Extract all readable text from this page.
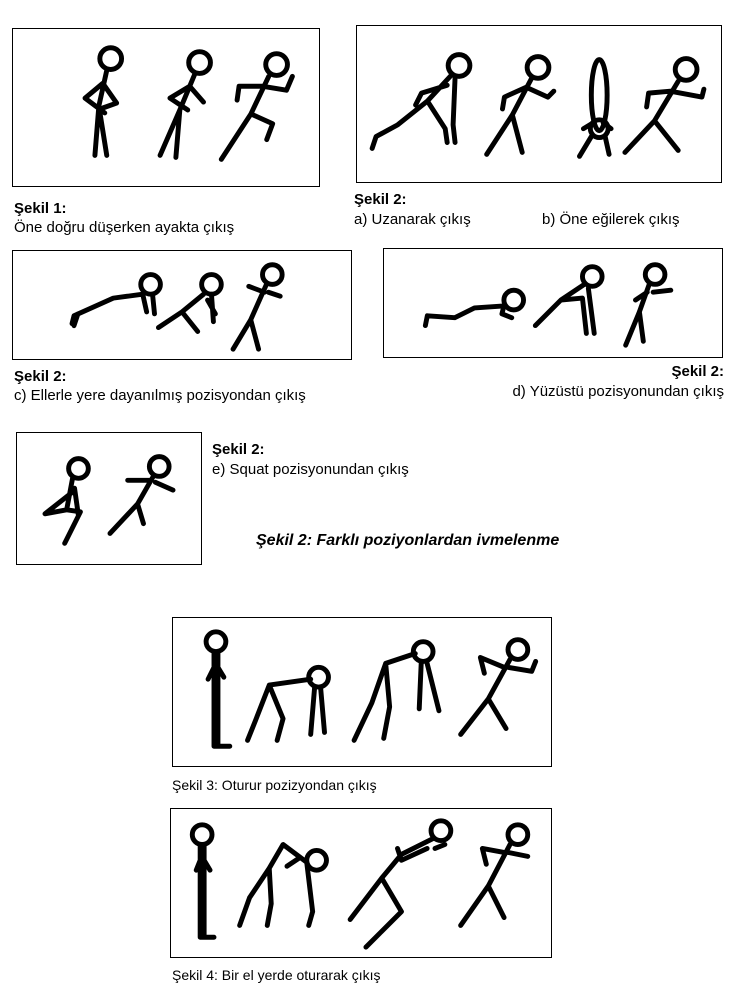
Şekil 1:
Öne doğru düşerken ayakta çıkış
Şekil 2:
a) Uzanarak çıkış	b) Öne eğilerek çıkış
Şekil 2:
c) Ellerle yere dayanılmış pozisyondan çıkış
Şekil 2:
d) Yüzüstü pozisyonundan çıkış
Şekil 2:
e) Squat pozisyonundan çıkış
Şekil 2: Farklı poziyonlardan ivmelenme
Şekil 3: Oturur pozizyondan çıkış
Şekil 4: Bir el yerde oturarak çıkış
